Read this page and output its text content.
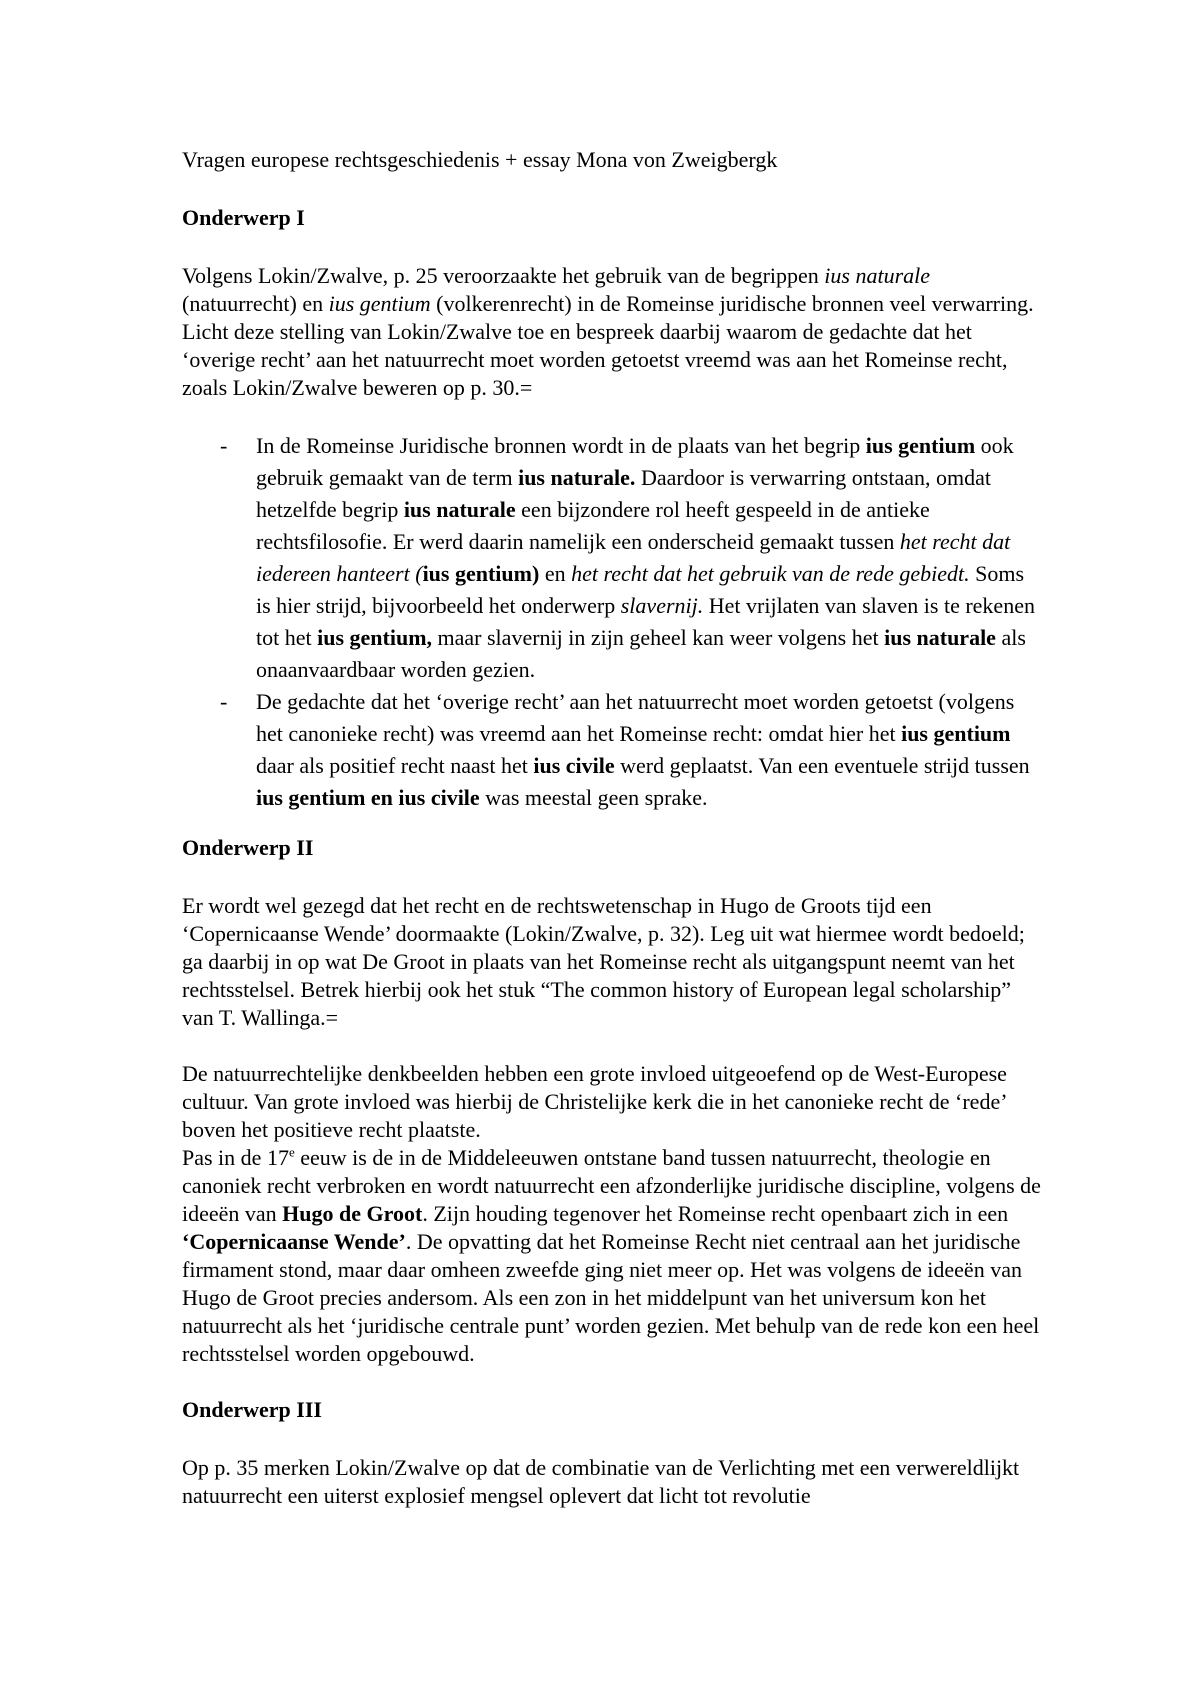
Vragen europese rechtsgeschiedenis + essay Mona von Zweigbergk

Onderwerp I

Volgens Lokin/Zwalve, p. 25 veroorzaakte het gebruik van de begrippen ius naturale (natuurrecht) en ius gentium (volkerenrecht) in de Romeinse juridische bronnen veel verwarring. Licht deze stelling van Lokin/Zwalve toe en bespreek daarbij waarom de gedachte dat het ‘overige recht’ aan het natuurrecht moet worden getoetst vreemd was aan het Romeinse recht, zoals Lokin/Zwalve beweren op p. 30.=

- In de Romeinse Juridische bronnen wordt in de plaats van het begrip ius gentium ook gebruik gemaakt van de term ius naturale. Daardoor is verwarring ontstaan, omdat hetzelfde begrip ius naturale een bijzondere rol heeft gespeeld in de antieke rechtsfilosofie. Er werd daarin namelijk een onderscheid gemaakt tussen het recht dat iedereen hanteert (ius gentium) en het recht dat het gebruik van de rede gebiedt. Soms is hier strijd, bijvoorbeeld het onderwerp slavernij. Het vrijlaten van slaven is te rekenen tot het ius gentium, maar slavernij in zijn geheel kan weer volgens het ius naturale als onaanvaardbaar worden gezien.
- De gedachte dat het ‘overige recht’ aan het natuurrecht moet worden getoetst (volgens het canonieke recht) was vreemd aan het Romeinse recht: omdat hier het ius gentium daar als positief recht naast het ius civile werd geplaatst. Van een eventuele strijd tussen ius gentium en ius civile was meestal geen sprake.

Onderwerp II

Er wordt wel gezegd dat het recht en de rechtswetenschap in Hugo de Groots tijd een ‘Copernicaanse Wende’ doormaakte (Lokin/Zwalve, p. 32). Leg uit wat hiermee wordt bedoeld; ga daarbij in op wat De Groot in plaats van het Romeinse recht als uitgangspunt neemt van het rechtsstelsel. Betrek hierbij ook het stuk “The common history of European legal scholarship” van T. Wallinga.=

De natuurrechtelijke denkbeelden hebben een grote invloed uitgeoefend op de West-Europese cultuur. Van grote invloed was hierbij de Christelijke kerk die in het canonieke recht de ‘rede’ boven het positieve recht plaatste.

Pas in de 17e eeuw is de in de Middeleeuwen ontstane band tussen natuurrecht, theologie en canoniek recht verbroken en wordt natuurrecht een afzonderlijke juridische discipline, volgens de ideeën van Hugo de Groot. Zijn houding tegenover het Romeinse recht openbaart zich in een ‘Copernicaanse Wende’. De opvatting dat het Romeinse Recht niet centraal aan het juridische firmament stond, maar daar omheen zweefde ging niet meer op. Het was volgens de ideeën van Hugo de Groot precies andersom. Als een zon in het middelpunt van het universum kon het natuurrecht als het ‘juridische centrale punt’ worden gezien. Met behulp van de rede kon een heel rechtsstelsel worden opgebouwd.

Onderwerp III

Op p. 35 merken Lokin/Zwalve op dat de combinatie van de Verlichting met een verwereldlijkt natuurrecht een uiterst explosief mengsel oplevert dat licht tot revolutie
